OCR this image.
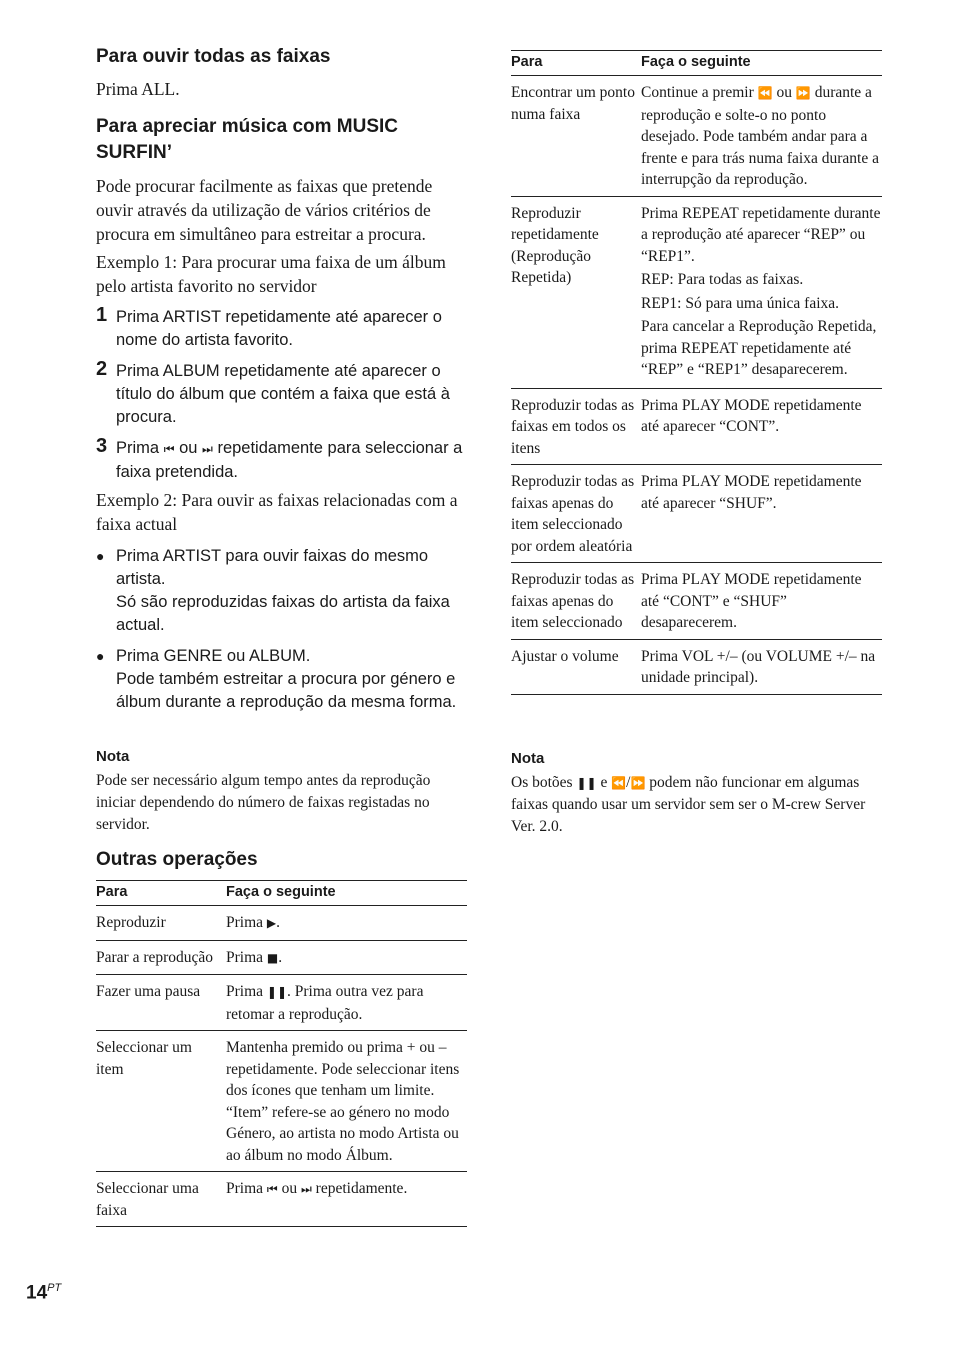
Para ouvir todas as faixas

Prima ALL.

Para apreciar música com MUSIC SURFIN’

Pode procurar facilmente as faixas que pretende ouvir através da utilização de vários critérios de procura em simultâneo para estreitar a procura.

Exemplo 1: Para procurar uma faixa de um álbum pelo artista favorito no servidor

1 Prima ARTIST repetidamente até aparecer o nome do artista favorito.
2 Prima ALBUM repetidamente até aparecer o título do álbum que contém a faixa que está à procura.
3 Prima ⏮ ou ⏭ repetidamente para seleccionar a faixa pretendida.

Exemplo 2: Para ouvir as faixas relacionadas com a faixa actual

● Prima ARTIST para ouvir faixas do mesmo artista.
Só são reproduzidas faixas do artista da faixa actual.
● Prima GENRE ou ALBUM.
Pode também estreitar a procura por género e álbum durante a reprodução da mesma forma.
Nota
Pode ser necessário algum tempo antes da reprodução iniciar dependendo do número de faixas registadas no servidor.
Outras operações
Para	Faça o seguinte
Reproduzir	Prima ▶.
Parar a reprodução	Prima ■.
Fazer uma pausa	Prima ❚❚. Prima outra vez para retomar a reprodução.
Seleccionar um item	Mantenha premido ou prima + ou – repetidamente. Pode seleccionar itens dos ícones que tenham um limite. “Item” refere-se ao género no modo Género, ao artista no modo Artista ou ao álbum no modo Álbum.
Seleccionar uma faixa	Prima ⏮ ou ⏭ repetidamente.
Para	Faça o seguinte
Encontrar um ponto numa faixa	Continue a premir ⏪ ou ⏩ durante a reprodução e solte-o no ponto desejado. Pode também andar para a frente e para trás numa faixa durante a interrupção da reprodução.
Reproduzir repetidamente (Reprodução Repetida)	Prima REPEAT repetidamente durante a reprodução até aparecer “REP” ou “REP1”.

REP: Para todas as faixas.

REP1: Só para uma única faixa.

Para cancelar a Reprodução Repetida, prima REPEAT repetidamente até “REP” e “REP1” desaparecerem.

Reproduzir todas as faixas em todos os itens	Prima PLAY MODE repetidamente até aparecer “CONT”.
Reproduzir todas as faixas apenas do item seleccionado por ordem aleatória	Prima PLAY MODE repetidamente até aparecer “SHUF”.
Reproduzir todas as faixas apenas do item seleccionado	Prima PLAY MODE repetidamente até “CONT” e “SHUF” desaparecerem.
Ajustar o volume	Prima VOL +/– (ou VOLUME +/– na unidade principal).
Nota
Os botões ❚❚ e ⏪/⏩ podem não funcionar em algumas faixas quando usar um servidor sem ser o M-crew Server Ver. 2.0.
$14^{PT}$
